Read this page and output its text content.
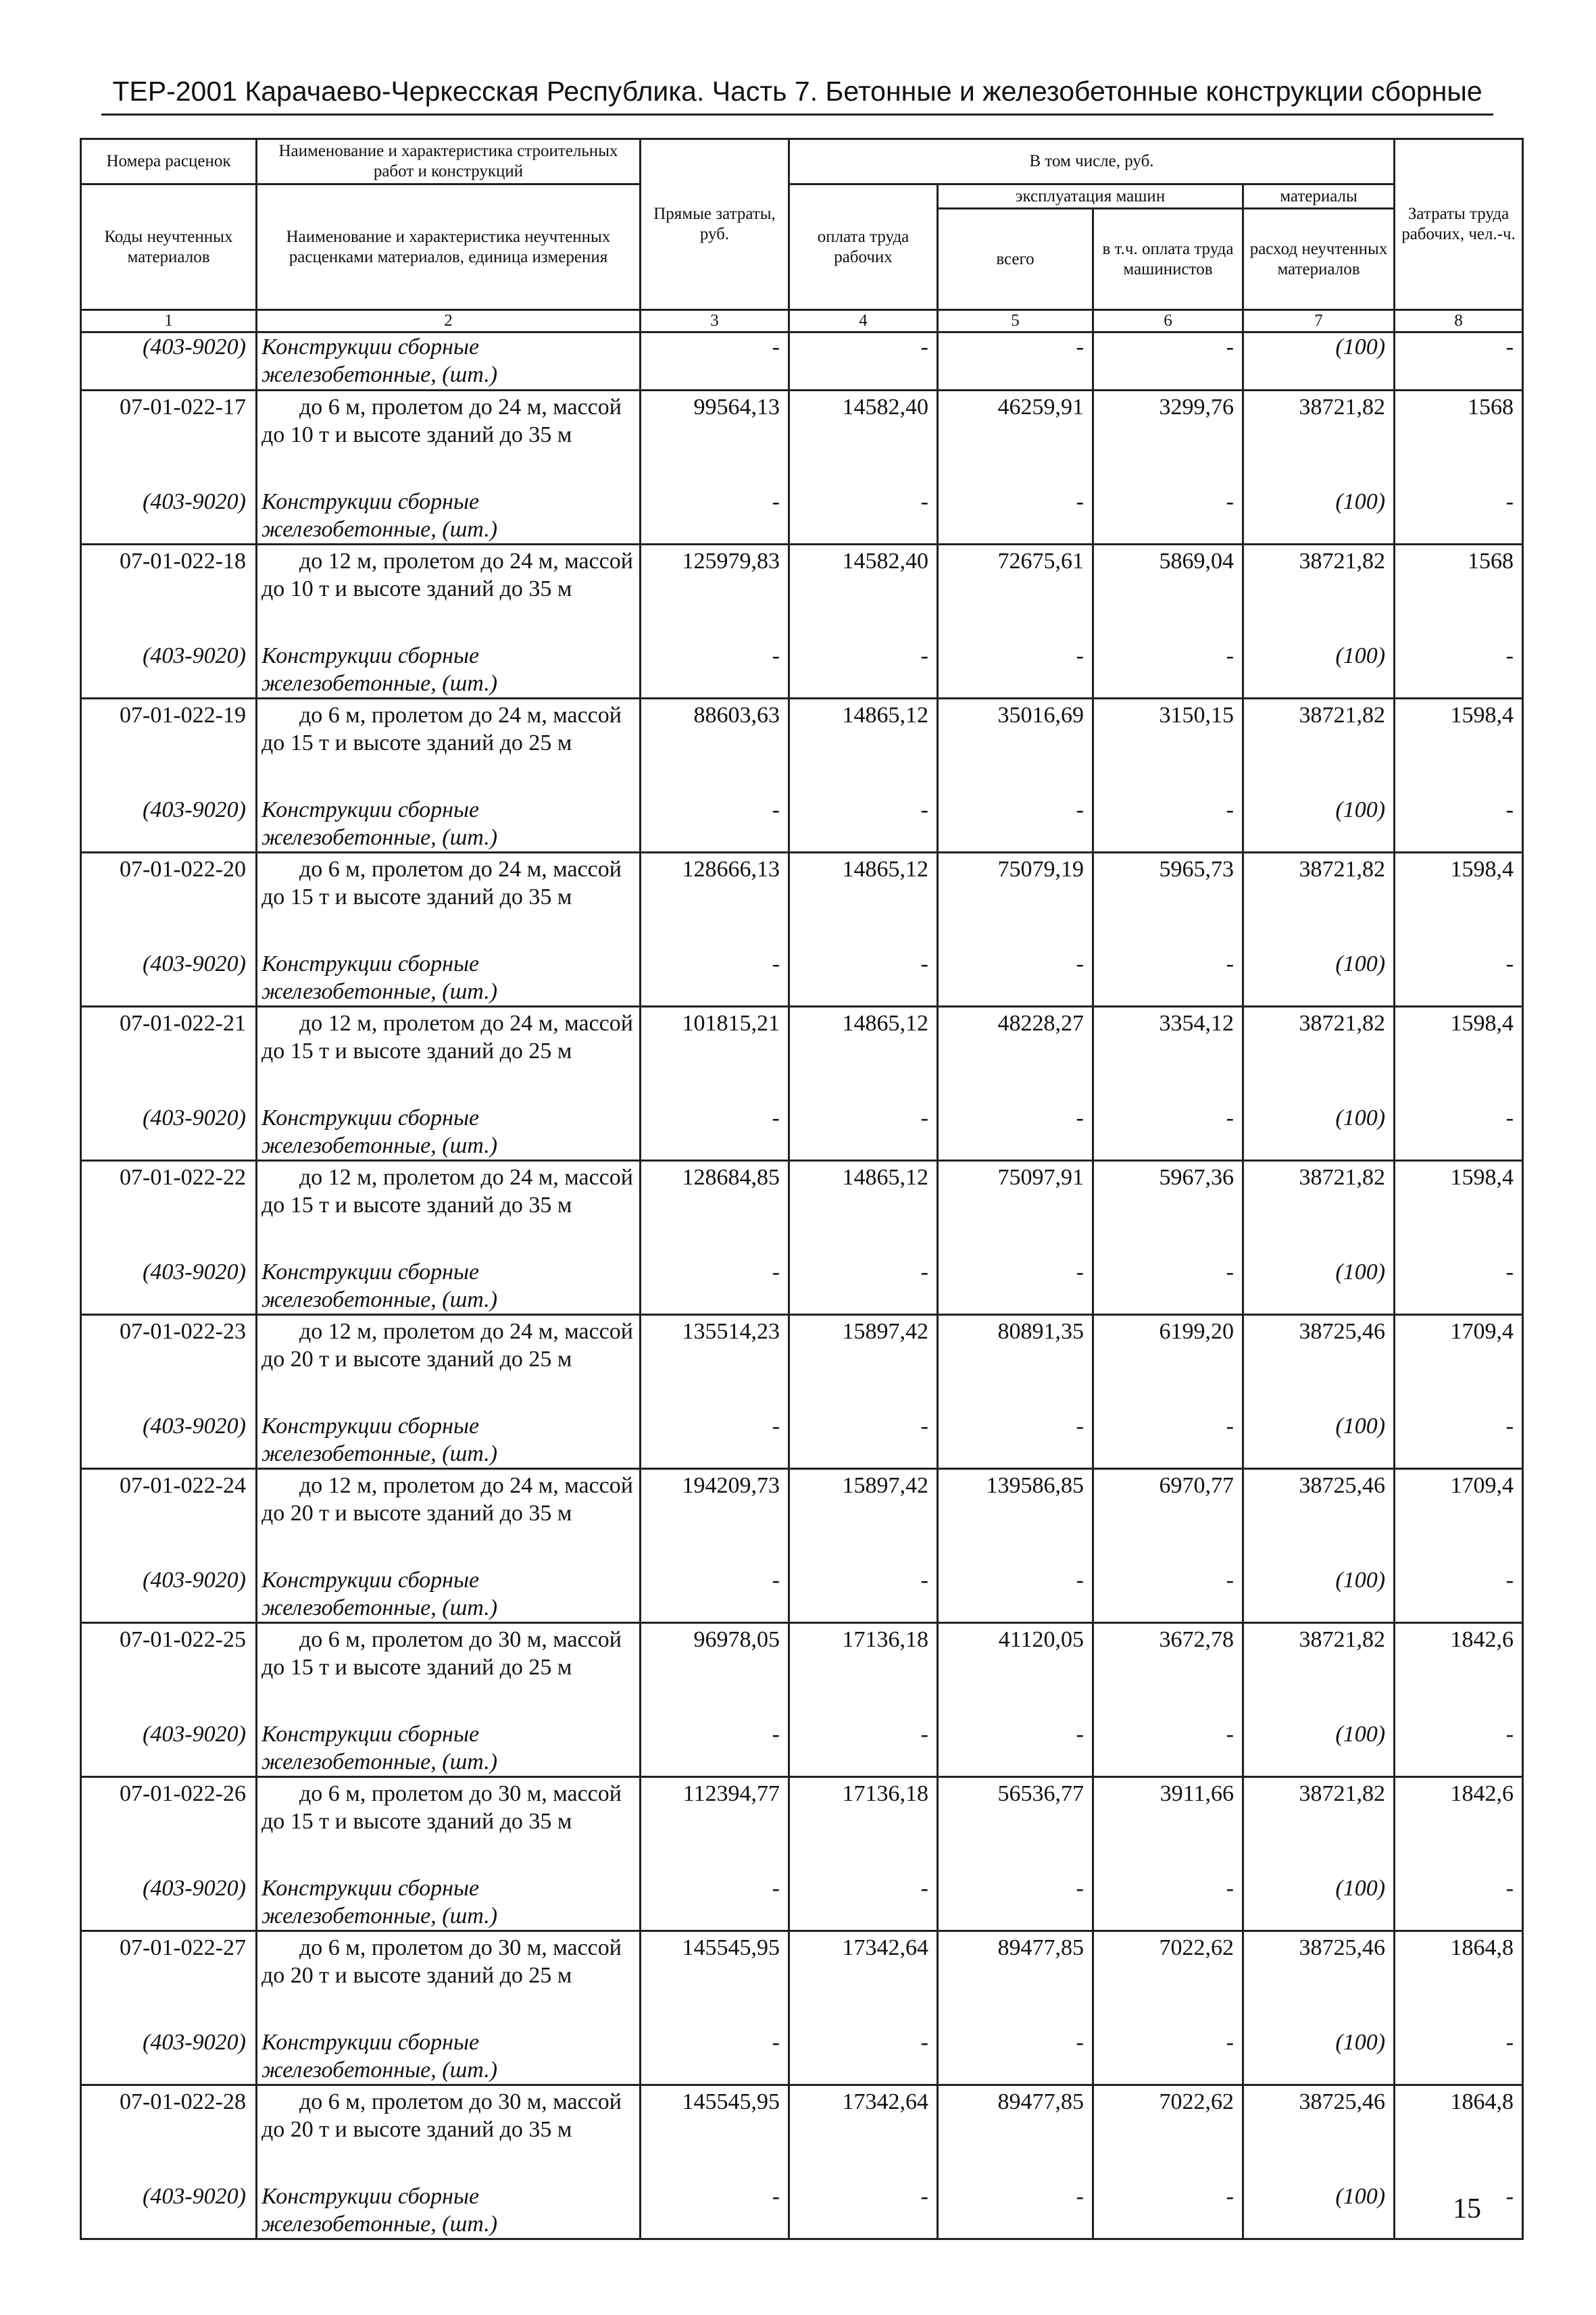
ТЕР-2001 Карачаево-Черкесская Республика. Часть 7. Бетонные и железобетонные конструкции сборные
Номера расценок	Наименование и характеристика строительных работ и конструкций	Прямые затраты, руб.	В том числе, руб.				Затраты труда рабочих, чел.-ч.
Коды неучтенных материалов	Наименование и характеристика неучтенных расценками материалов, единица измерения		оплата труда рабочих	эксплуатация машин		материалы	
				всего	в т.ч. оплата труда машинистов	расход неучтенных материалов	
1	2	3	4	5	6	7	8
(403-9020)	Конструкции сборные железобетонные, (шт.)	-	-	-	-	(100)	-
07-01-022-17	до 6 м, пролетом до 24 м, массой до 10 т и высоте зданий до 35 м	99564,13	14582,40	46259,91	3299,76	38721,82	1568
(403-9020)	Конструкции сборные железобетонные, (шт.)	-	-	-	-	(100)	-
07-01-022-18	до 12 м, пролетом до 24 м, массой до 10 т и высоте зданий до 35 м	125979,83	14582,40	72675,61	5869,04	38721,82	1568
(403-9020)	Конструкции сборные железобетонные, (шт.)	-	-	-	-	(100)	-
07-01-022-19	до 6 м, пролетом до 24 м, массой до 15 т и высоте зданий до 25 м	88603,63	14865,12	35016,69	3150,15	38721,82	1598,4
(403-9020)	Конструкции сборные железобетонные, (шт.)	-	-	-	-	(100)	-
07-01-022-20	до 6 м, пролетом до 24 м, массой до 15 т и высоте зданий до 35 м	128666,13	14865,12	75079,19	5965,73	38721,82	1598,4
(403-9020)	Конструкции сборные железобетонные, (шт.)	-	-	-	-	(100)	-
07-01-022-21	до 12 м, пролетом до 24 м, массой до 15 т и высоте зданий до 25 м	101815,21	14865,12	48228,27	3354,12	38721,82	1598,4
(403-9020)	Конструкции сборные железобетонные, (шт.)	-	-	-	-	(100)	-
07-01-022-22	до 12 м, пролетом до 24 м, массой до 15 т и высоте зданий до 35 м	128684,85	14865,12	75097,91	5967,36	38721,82	1598,4
(403-9020)	Конструкции сборные железобетонные, (шт.)	-	-	-	-	(100)	-
07-01-022-23	до 12 м, пролетом до 24 м, массой до 20 т и высоте зданий до 25 м	135514,23	15897,42	80891,35	6199,20	38725,46	1709,4
(403-9020)	Конструкции сборные железобетонные, (шт.)	-	-	-	-	(100)	-
07-01-022-24	до 12 м, пролетом до 24 м, массой до 20 т и высоте зданий до 35 м	194209,73	15897,42	139586,85	6970,77	38725,46	1709,4
(403-9020)	Конструкции сборные железобетонные, (шт.)	-	-	-	-	(100)	-
07-01-022-25	до 6 м, пролетом до 30 м, массой до 15 т и высоте зданий до 25 м	96978,05	17136,18	41120,05	3672,78	38721,82	1842,6
(403-9020)	Конструкции сборные железобетонные, (шт.)	-	-	-	-	(100)	-
07-01-022-26	до 6 м, пролетом до 30 м, массой до 15 т и высоте зданий до 35 м	112394,77	17136,18	56536,77	3911,66	38721,82	1842,6
(403-9020)	Конструкции сборные железобетонные, (шт.)	-	-	-	-	(100)	-
07-01-022-27	до 6 м, пролетом до 30 м, массой до 20 т и высоте зданий до 25 м	145545,95	17342,64	89477,85	7022,62	38725,46	1864,8
(403-9020)	Конструкции сборные железобетонные, (шт.)	-	-	-	-	(100)	-
07-01-022-28	до 6 м, пролетом до 30 м, массой до 20 т и высоте зданий до 35 м	145545,95	17342,64	89477,85	7022,62	38725,46	1864,8
(403-9020)	Конструкции сборные железобетонные, (шт.)	-	-	-	-	(100)	-
15
